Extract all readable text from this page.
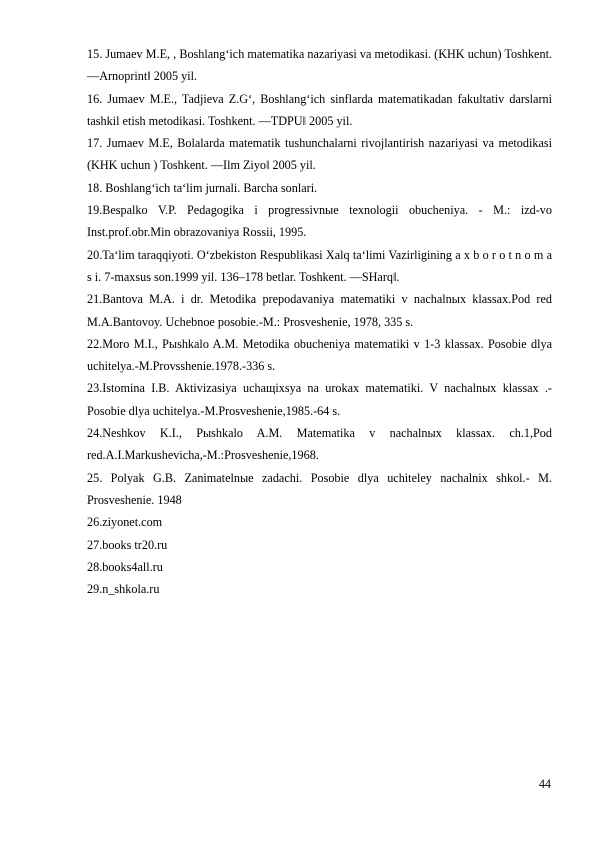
15. Jumaev M.E, , Boshlang‘ich matematika nazariyasi va metodikasi. (KHK uchun) Toshkent. ―Arnoprint‖ 2005 yil.

16. Jumaev M.E., Tadjieva Z.G‘, Boshlang‘ich sinflarda matematikadan fakultativ darslarni tashkil etish metodikasi. Toshkent. ―TDPU‖ 2005 yil.

17. Jumaev M.E, Bolalarda matematik tushunchalarni rivojlantirish nazariyasi va metodikasi (KHK uchun ) Toshkent. ―Ilm Ziyo‖ 2005 yil.

18. Boshlang‘ich ta‘lim jurnali. Barcha sonlari.

19.Bespalko V.P. Pedagogika i progressivnыe texnologii obucheniya. - M.: izd-vo Inst.prof.obr.Min obrazovaniya Rossii, 1995.

20.Ta‘lim taraqqiyoti. O‘zbekiston Respublikasi Xalq ta‘limi Vazirligining a x b o r o t n o m a s i. 7-maxsus son.1999 yil. 136–178 betlar. Toshkent. ―SHarq‖.

21.Bantova M.A. i dr. Metodika prepodavaniya matematiki v nachalnыx klassax.Pod red M.A.Bantovoy. Uchebnoe posobie.-M.: Prosveshenie, 1978, 335 s.

22.Moro M.I., Pыshkalo A.M. Metodika obucheniya matematiki v 1-3 klassax. Posobie dlya uchitelya.-M.Provsshenie.1978.-336 s.

23.Istomina I.B. Aktivizasiya uchaщixsya na urokax matematiki. V nachalnыx klassax .-Posobie dlya uchitelya.-M.Prosveshenie,1985.-64 s.

24.Neshkov K.I., Pыshkalo A.M. Matematika v nachalnыx klassax. ch.1,Pod red.A.I.Markushevicha,-M.:Prosveshenie,1968.

25. Polyak G.B. Zanimatelnыe zadachi. Posobie dlya uchiteley nachalnix shkol.- M. Prosveshenie. 1948

26.ziyonet.com

27.books tr20.ru

28.books4all.ru

29.n_shkola.ru

44
